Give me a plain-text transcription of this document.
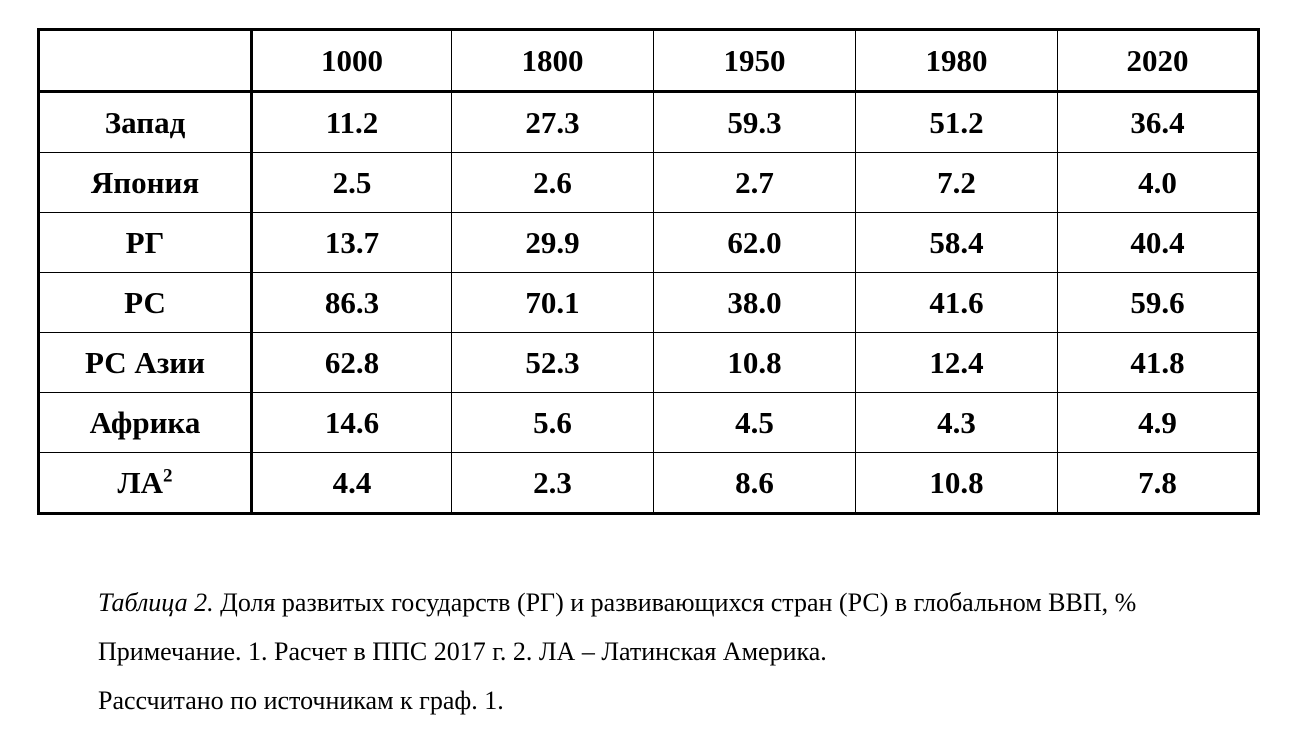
	1000	1800	1950	1980	2020
Запад	11.2	27.3	59.3	51.2	36.4
Япония	2.5	2.6	2.7	7.2	4.0
РГ	13.7	29.9	62.0	58.4	40.4
РС	86.3	70.1	38.0	41.6	59.6
РС Азии	62.8	52.3	10.8	12.4	41.8
Африка	14.6	5.6	4.5	4.3	4.9
$ЛА^2$	4.4	2.3	8.6	10.8	7.8

Таблица 2. Доля развитых государств (РГ) и развивающихся стран (РС) в глобальном ВВП, %

Примечание. 1. Расчет в ППС 2017 г. 2. ЛА – Латинская Америка.

Рассчитано по источникам к граф. 1.
